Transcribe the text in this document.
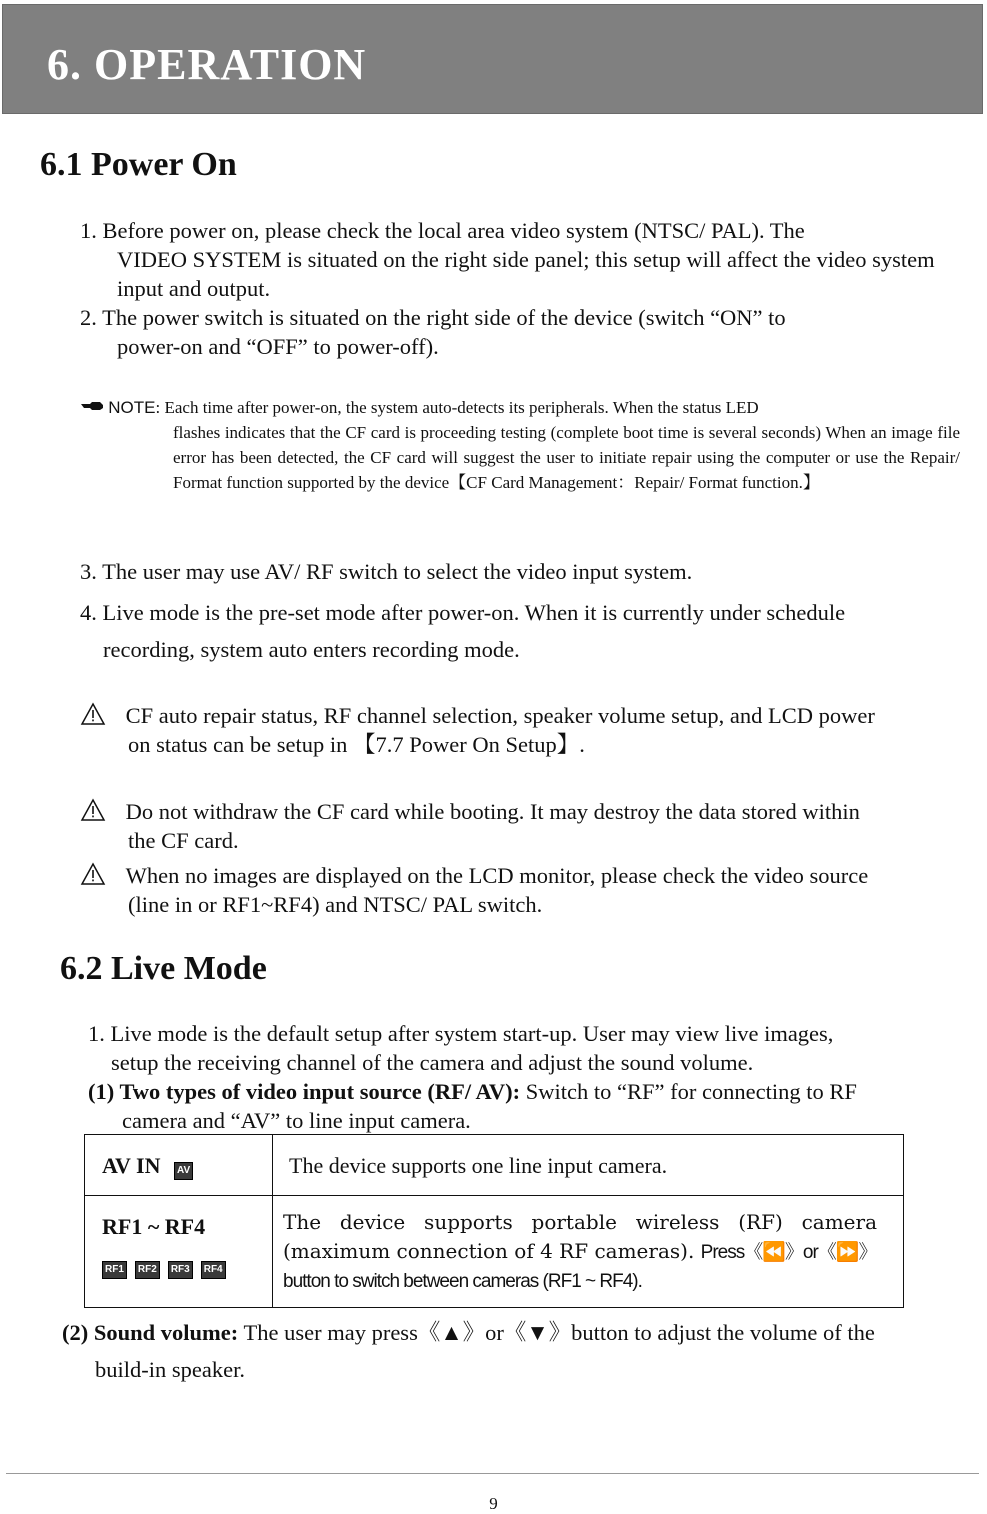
6. OPERATION
6.1 Power On
1. Before power on, please check the local area video system (NTSC/ PAL). The
VIDEO SYSTEM is situated on the right side panel; this setup will affect the video system input and output.
2. The power switch is situated on the right side of the device (switch “ON” to
power-on and “OFF” to power-off).
NOTE: Each time after power-on, the system auto-detects its peripherals. When the status LED
flashes indicates that the CF card is proceeding testing (complete boot time is several seconds) When an image file error has been detected, the CF card will suggest the user to initiate repair using the computer or use the Repair/ Format function supported by the device【CF Card Management：Repair/ Format function.】
3. The user may use AV/ RF switch to select the video input system.
4. Live mode is the pre-set mode after power-on. When it is currently under schedule
recording, system auto enters recording mode.
CF auto repair status, RF channel selection, speaker volume setup, and LCD power
on status can be setup in 【7.7 Power On Setup】.
Do not withdraw the CF card while booting. It may destroy the data stored within
the CF card.
When no images are displayed on the LCD monitor, please check the video source
(line in or RF1~RF4) and NTSC/ PAL switch.
6.2 Live Mode
1. Live mode is the default setup after system start-up. User may view live images,
setup the receiving channel of the camera and adjust the sound volume.
(1) Two types of video input source (RF/ AV): Switch to “RF” for connecting to RF
camera and “AV” to line input camera.
AV IN AV	The device supports one line input camera.
RF1 ~ RF4
RF1 RF2 RF3 RF4	The device supports portable wireless (RF) camera (maximum connection of 4 RF cameras). Press《⏪》or《⏩》
button to switch between cameras (RF1 ~ RF4).
(2) Sound volume: The user may press《▲》or《▼》button to adjust the volume of the
build-in speaker.
9
